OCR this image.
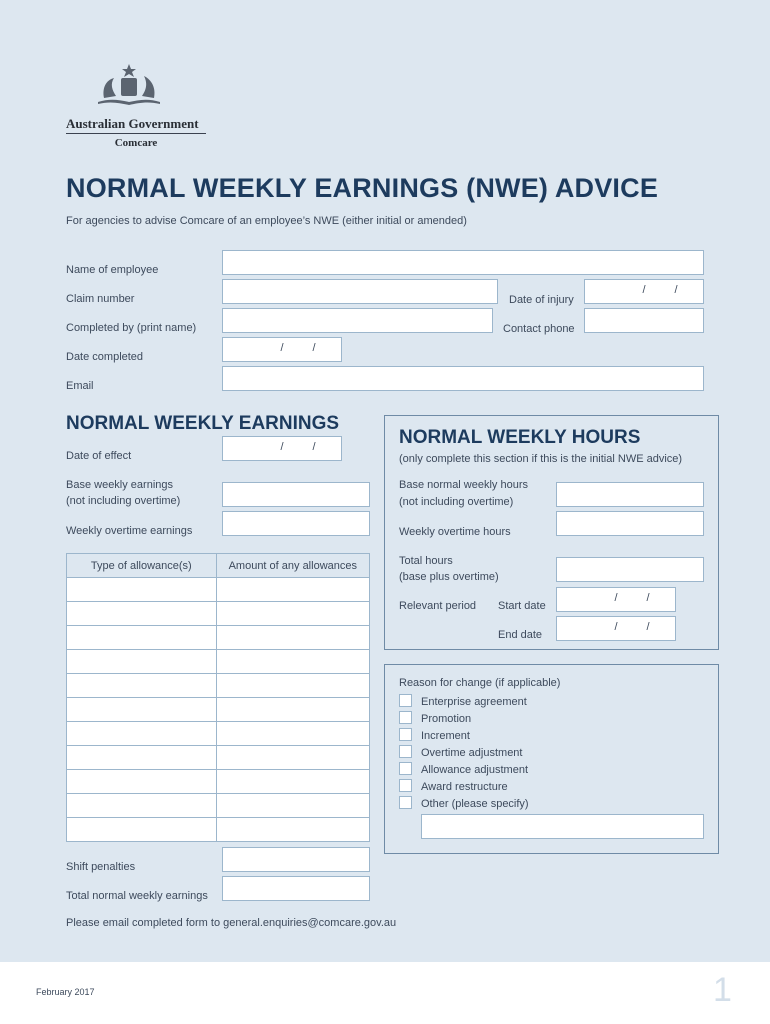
Australian Government
Comcare
NORMAL WEEKLY EARNINGS (NWE) ADVICE
For agencies to advise Comcare of an employee’s NWE (either initial or amended)
Name of employee
Claim number	Date of injury
/	/
Completed by (print name)	Contact phone
Date completed
/	/
Email
NORMAL WEEKLY EARNINGS
Date of effect
/	/
Base weekly earnings
(not including overtime)
Weekly overtime earnings
Type of allowance(s)	Amount of any allowances

Shift penalties
Total normal weekly earnings
Please email completed form to general.enquiries@comcare.gov.au
NORMAL WEEKLY HOURS
(only complete this section if this is the initial NWE advice)
Base normal weekly hours
(not including overtime)
Weekly overtime hours
Total hours
(base plus overtime)
Relevant period Start date
/	/
End date
/	/
Reason for change (if applicable)
Enterprise agreement
Promotion
Increment
Overtime adjustment
Allowance adjustment
Award restructure
Other (please specify)
February 2017	1
